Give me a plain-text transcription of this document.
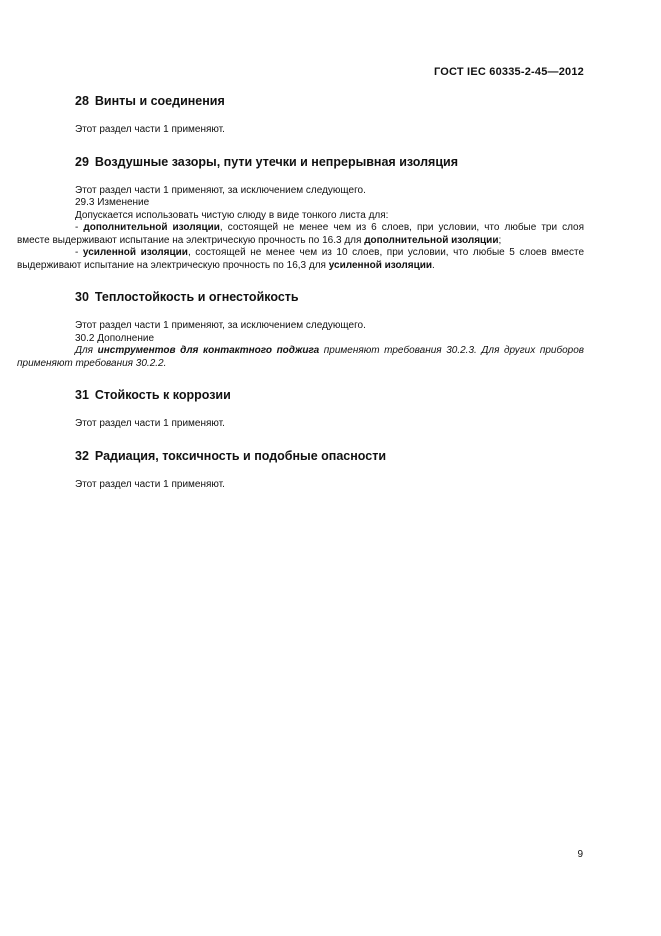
ГОСТ IEC 60335-2-45—2012
28 Винты и соединения

Этот раздел части 1 применяют.

29 Воздушные зазоры, пути утечки и непрерывная изоляция

Этот раздел части 1 применяют, за исключением следующего.

29.3 Изменение

Допускается использовать чистую слюду в виде тонкого листа для:

- дополнительной изоляции, состоящей не менее чем из 6 слоев, при условии, что любые три слоя вместе выдерживают испытание на электрическую прочность по 16.3 для дополнительной изоляции;

- усиленной изоляции, состоящей не менее чем из 10 слоев, при условии, что любые 5 слоев вместе выдерживают испытание на электрическую прочность по 16,3 для усиленной изоляции.

30 Теплостойкость и огнестойкость

Этот раздел части 1 применяют, за исключением следующего.

30.2 Дополнение

Для инструментов для контактного поджига применяют требования 30.2.3. Для других приборов применяют требования 30.2.2.

31 Стойкость к коррозии

Этот раздел части 1 применяют.

32 Радиация, токсичность и подобные опасности

Этот раздел части 1 применяют.

9
